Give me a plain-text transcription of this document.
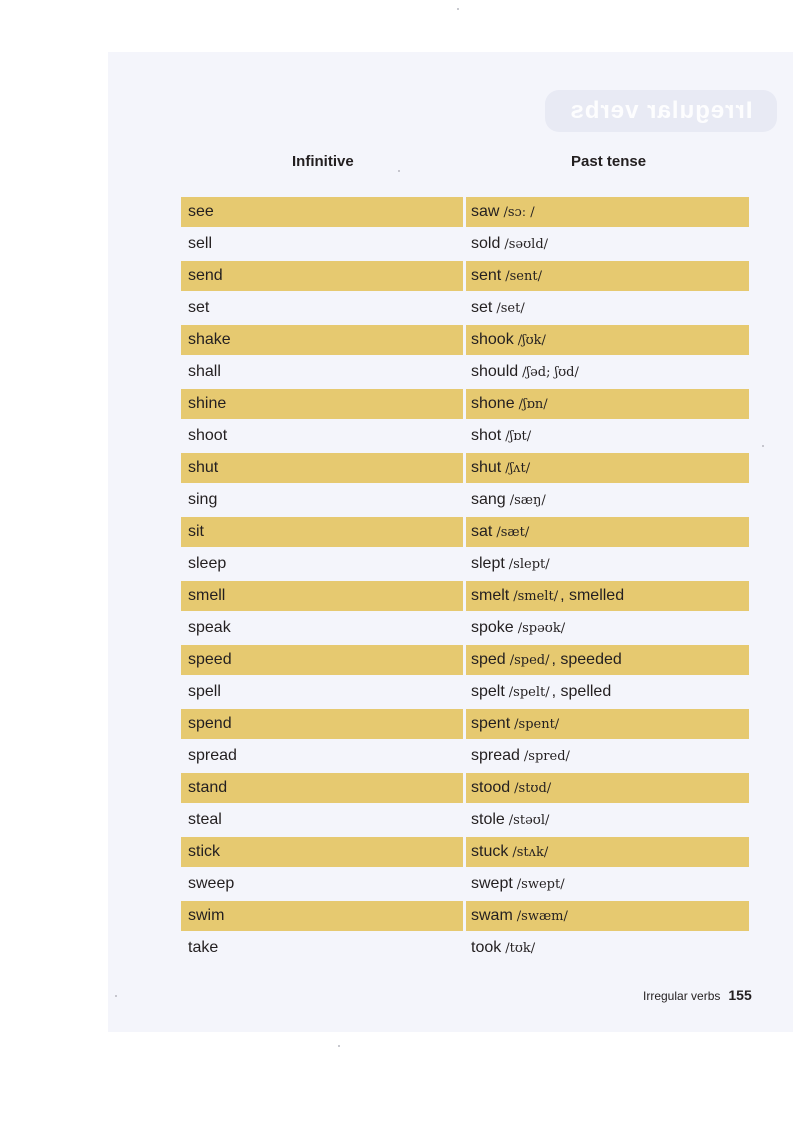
Irregular verbs
Infinitive	Past tense
see	saw /sɔː /
sell	sold /səʊld/
send	sent /sent/
set	set /set/
shake	shook /ʃʊk/
shall	should /ʃəd; ʃʊd/
shine	shone /ʃɒn/
shoot	shot /ʃɒt/
shut	shut /ʃʌt/
sing	sang /sæŋ/
sit	sat /sæt/
sleep	slept /slept/
smell	smelt /smelt/ , smelled
speak	spoke /spəʊk/
speed	sped /sped/ , speeded
spell	spelt /spelt/ , spelled
spend	spent /spent/
spread	spread /spred/
stand	stood /stʊd/
steal	stole /stəʊl/
stick	stuck /stʌk/
sweep	swept /swept/
swim	swam /swæm/
take	took /tʊk/
Irregular verbs 155
